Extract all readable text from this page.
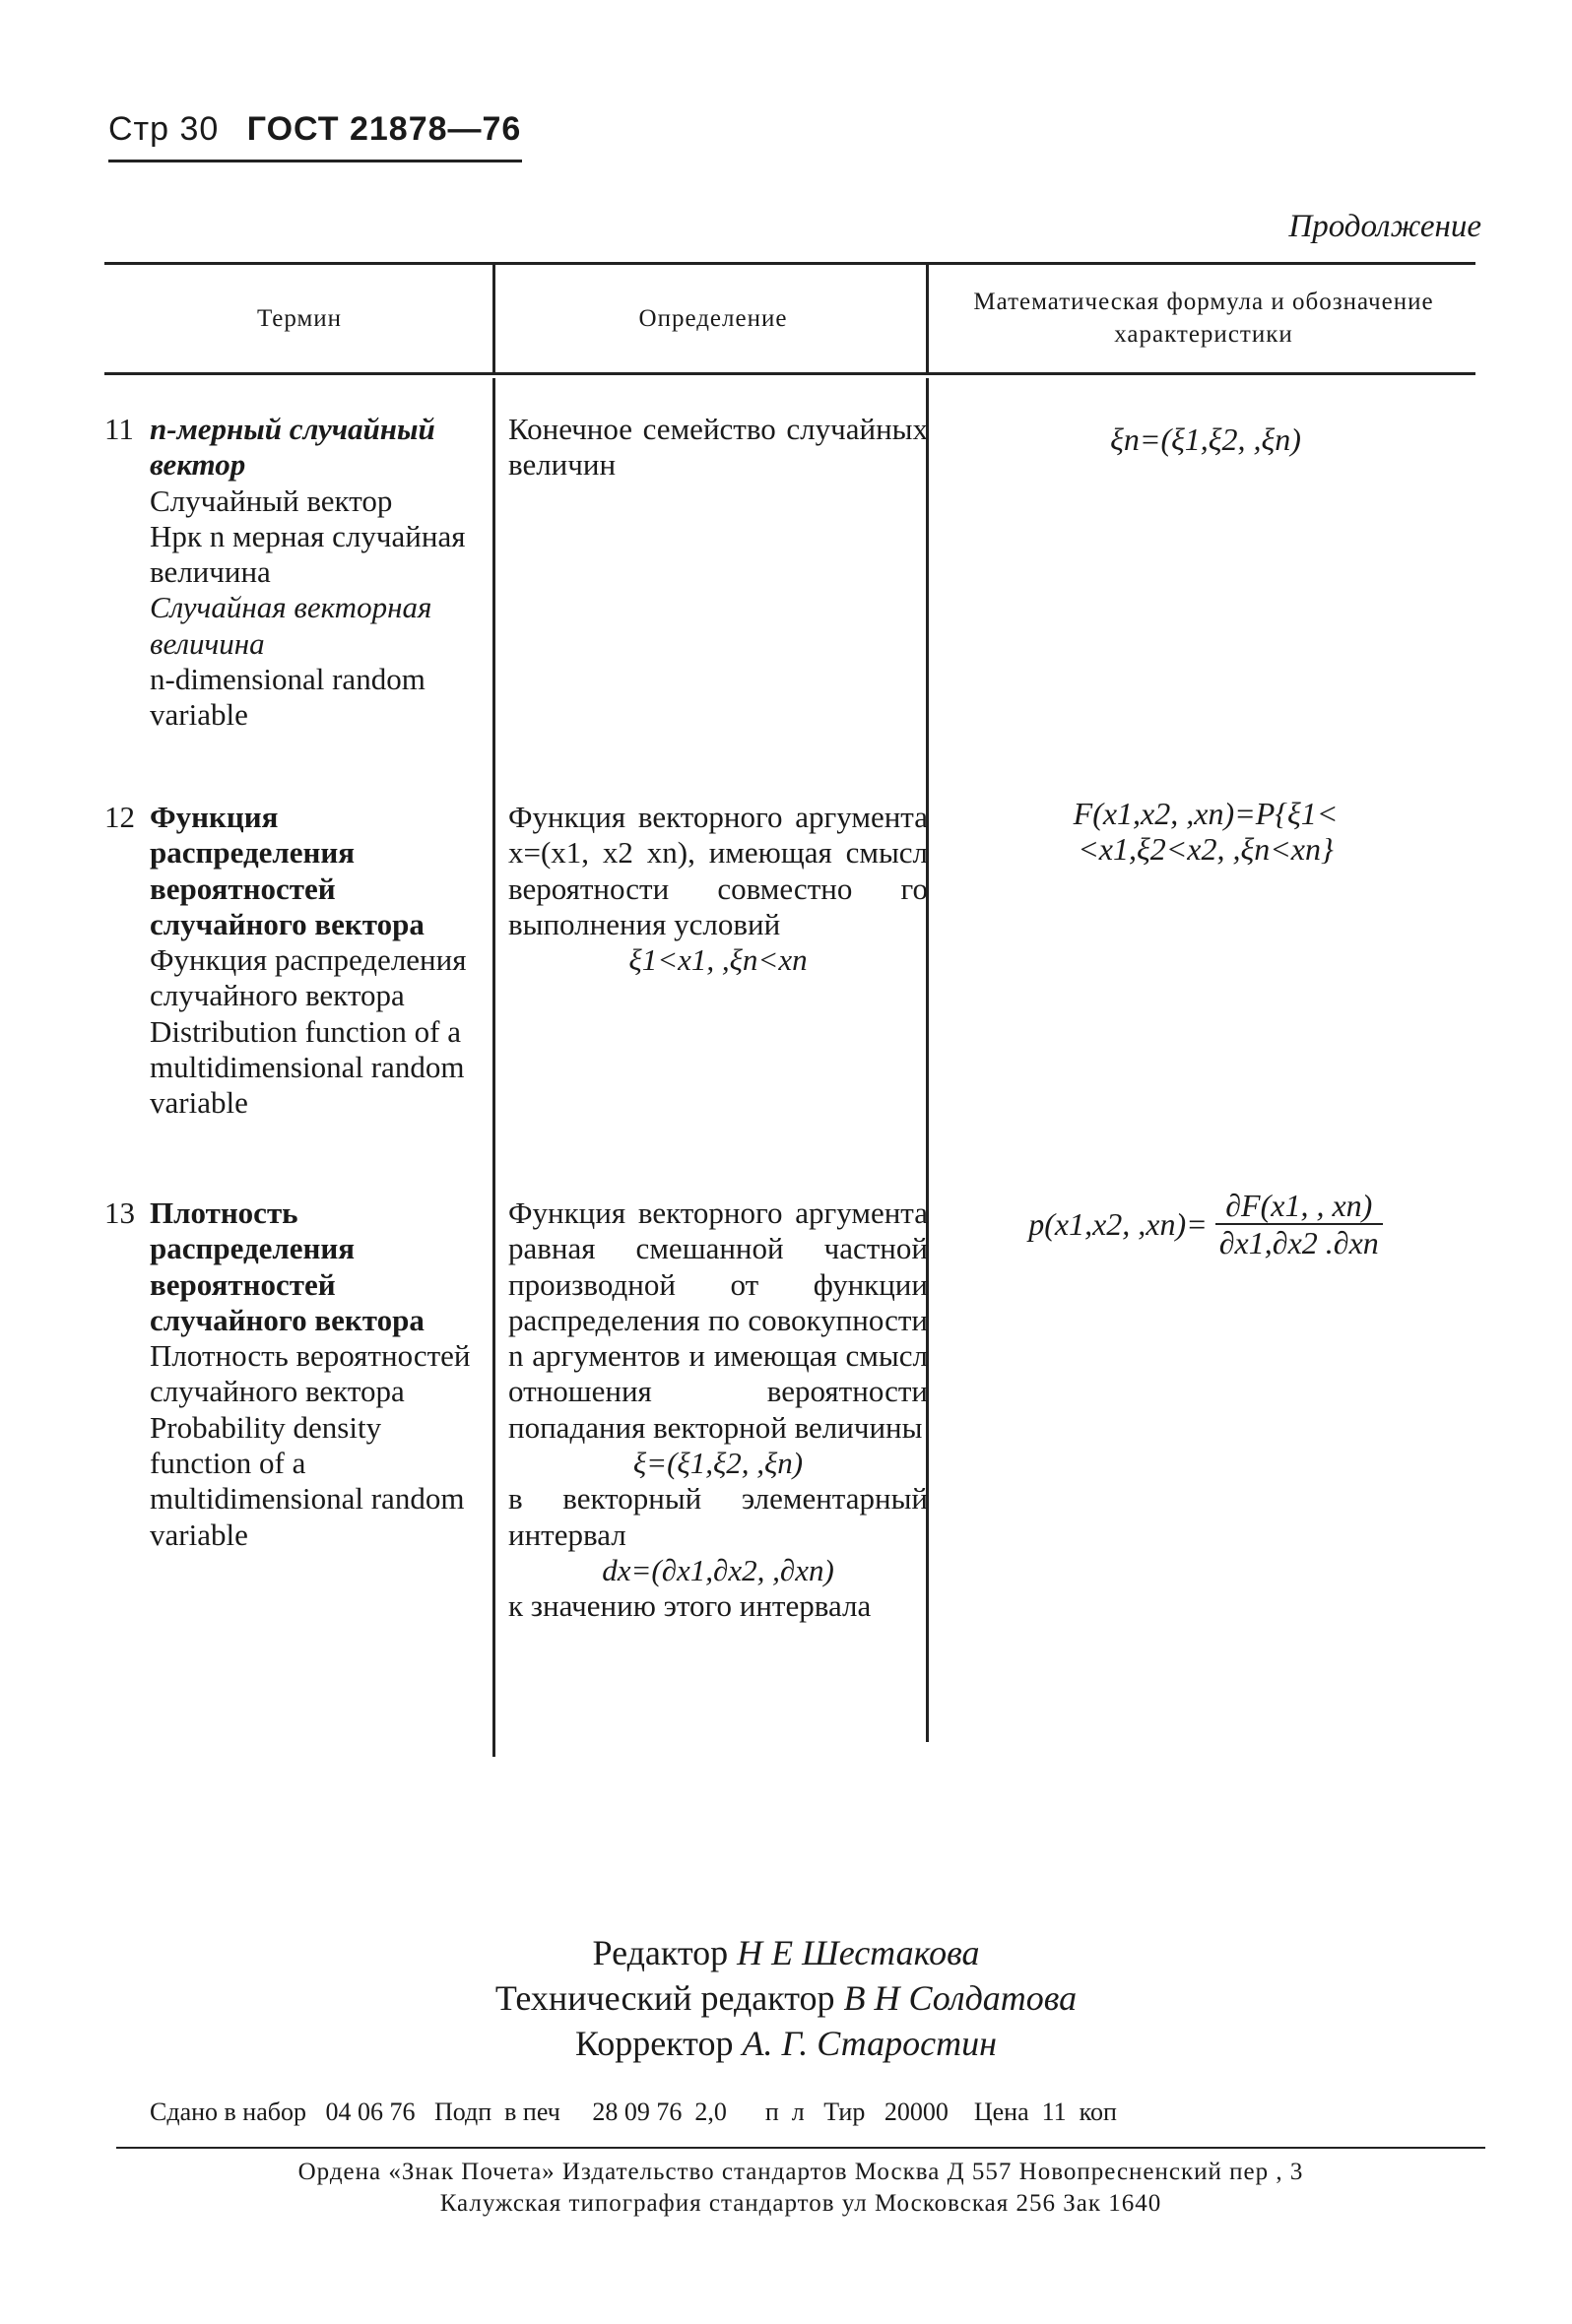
Стр 30 ГОСТ 21878—76
Продолжение
Термин	Определение
Математическая формула и обозначение характеристики
11 n-мерный случайный вектор
Случайный вектор
Нрк n мерная случайная величина
Случайная векторная величина
n-dimensional random variable
Конечное семейство случайных величин
ξn=(ξ1,ξ2, ,ξn)
12 Функция распределения вероятностей случайного вектора
Функция распределения случайного вектора
Distribution function of a multidimensional random variable
Функция векторного аргумента x=(x1, x2 xn), имеющая смысл вероятности совместно го выполнения условий
ξ1<x1, ,ξn<xn
F(x1,x2, ,xn)=P{ξ1<
<x1,ξ2<x2, ,ξn<xn}
13 Плотность распределения вероятностей случайного вектора
Плотность вероятностей случайного вектора
Probability density function of a multidimensional random variable
Функция векторного аргумента равная смешанной частной производной от функции распределения по совокупности n аргументов и имеющая смысл отношения вероятности попадания векторной величины
ξ=(ξ1,ξ2, ,ξn)
в векторный элементарный интервал
dx=(∂x1,∂x2, ,∂xn)
к значению этого интервала
p(x1,x2, $,xn)= \frac{\partial F(x1, , xn)}{\partial x1,\partial x2 .\partial xn}$
Редактор Н Е Шестакова
Технический редактор В Н Солдатова
Корректор А. Г. Старостин
Сдано в набор   04 06 76   Подп  в печ     28 09 76  2,0      п  л   Тир   20000    Цена  11  коп
Ордена «Знак Почета» Издательство стандартов Москва Д 557 Новопресненский пер , 3
Калужская типография стандартов ул Московская 256 Зак 1640
